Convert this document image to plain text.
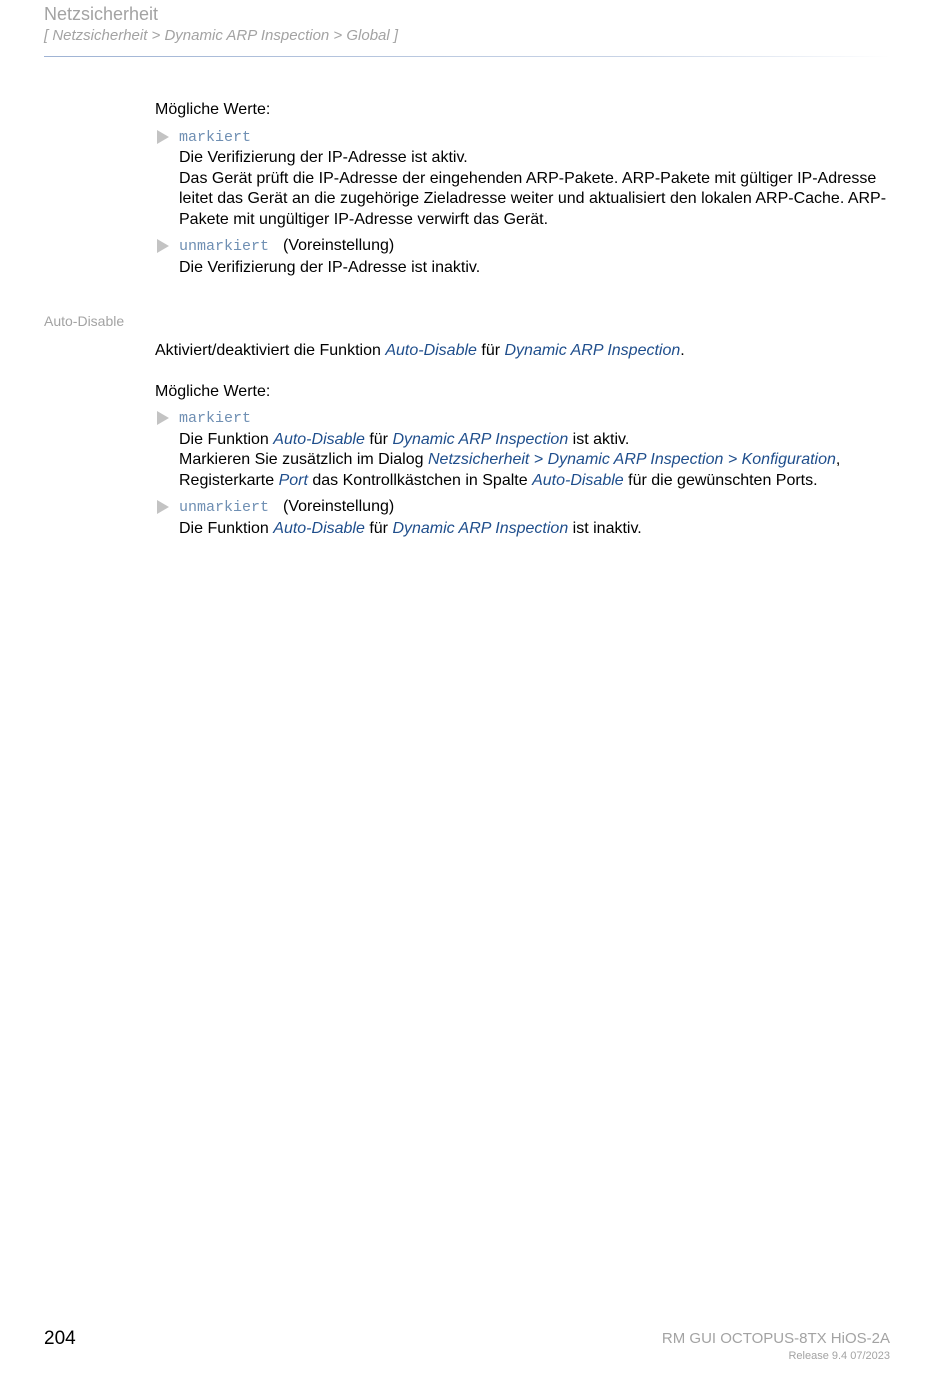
Netzsicherheit
[ Netzsicherheit > Dynamic ARP Inspection > Global ]
Mögliche Werte:
markiert
Die Verifizierung der IP-Adresse ist aktiv.
Das Gerät prüft die IP-Adresse der eingehenden ARP-Pakete. ARP-Pakete mit gültiger IP-Adresse leitet das Gerät an die zugehörige Zieladresse weiter und aktualisiert den lokalen ARP-Cache. ARP-Pakete mit ungültiger IP-Adresse verwirft das Gerät.
unmarkiert (Voreinstellung)
Die Verifizierung der IP-Adresse ist inaktiv.
Auto-Disable
Aktiviert/deaktiviert die Funktion Auto-Disable für Dynamic ARP Inspection.
Mögliche Werte:
markiert
Die Funktion Auto-Disable für Dynamic ARP Inspection ist aktiv.
Markieren Sie zusätzlich im Dialog Netzsicherheit > Dynamic ARP Inspection > Konfiguration, Registerkarte Port das Kontrollkästchen in Spalte Auto-Disable für die gewünschten Ports.
unmarkiert (Voreinstellung)
Die Funktion Auto-Disable für Dynamic ARP Inspection ist inaktiv.
204	RM GUI OCTOPUS-8TX HiOS-2A
Release 9.4 07/2023
